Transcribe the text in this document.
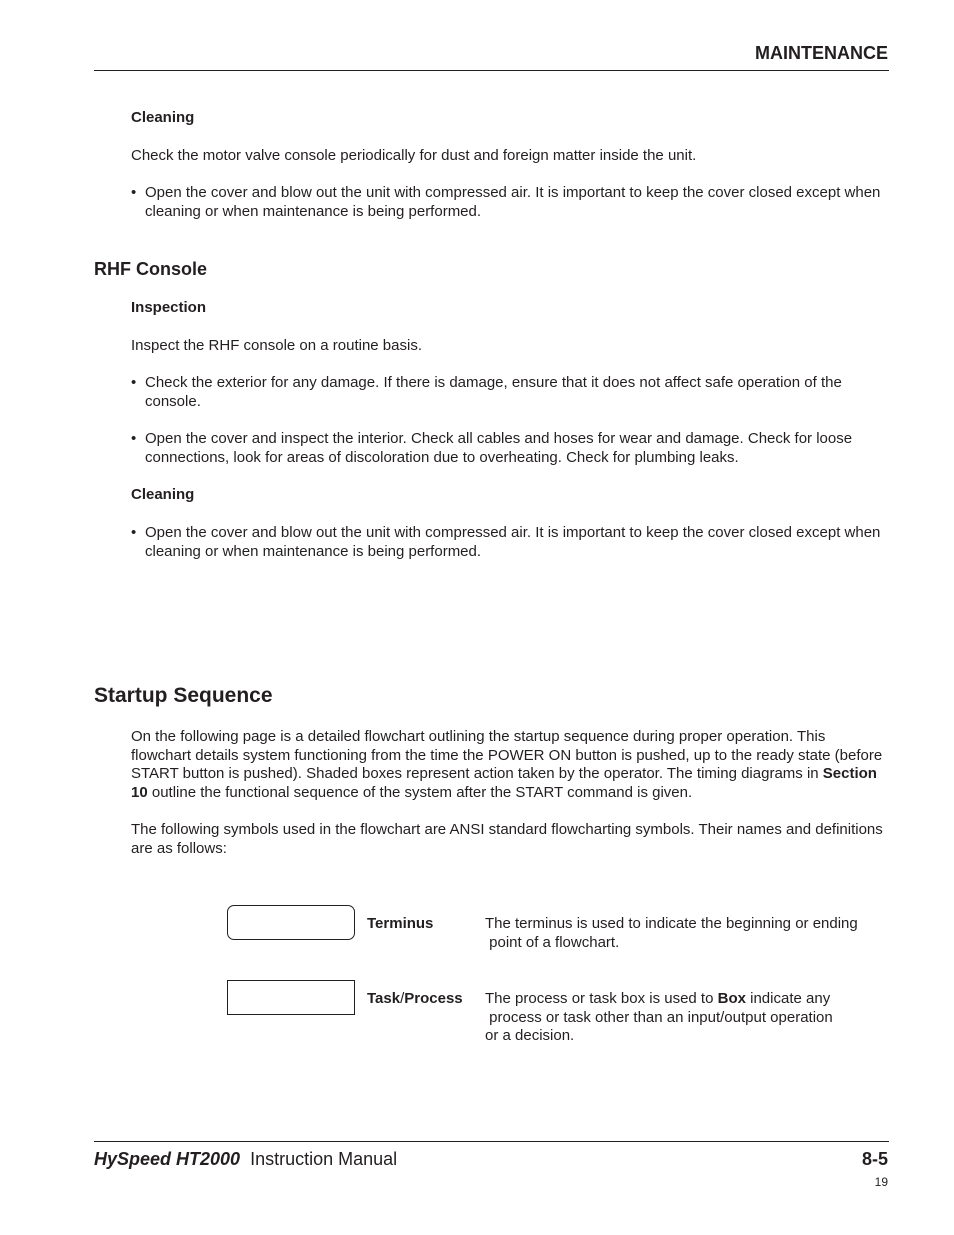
MAINTENANCE
Cleaning
Check the motor valve console periodically for dust and foreign matter inside the unit.
• Open the cover and blow out the unit with compressed air. It is important to keep the cover closed except when cleaning or when maintenance is being performed.
RHF Console
Inspection
Inspect the RHF console on a routine basis.
• Check the exterior for any damage. If there is damage, ensure that it does not affect safe operation of the console.
• Open the cover and inspect the interior. Check all cables and hoses for wear and damage. Check for loose connections, look for areas of discoloration due to overheating. Check for plumbing leaks.
Cleaning
• Open the cover and blow out the unit with compressed air. It is important to keep the cover closed except when cleaning or when maintenance is being performed.
Startup Sequence
On the following page is a detailed flowchart outlining the startup sequence during proper operation. This flowchart details system functioning from the time the POWER ON button is pushed, up to the ready state (before START button is pushed). Shaded boxes represent action taken by the operator. The timing diagrams in Section 10 outline the functional sequence of the system after the START command is given.
The following symbols used in the flowchart are ANSI standard flowcharting symbols. Their names and definitions are as follows:
Terminus	The terminus is used to indicate the beginning or ending
point of a flowchart.
Task/Process The process or task box is used to Box indicate any
process or task other than an input/output operation
or a decision.
HySpeed HT2000 Instruction Manual	8-5
19
